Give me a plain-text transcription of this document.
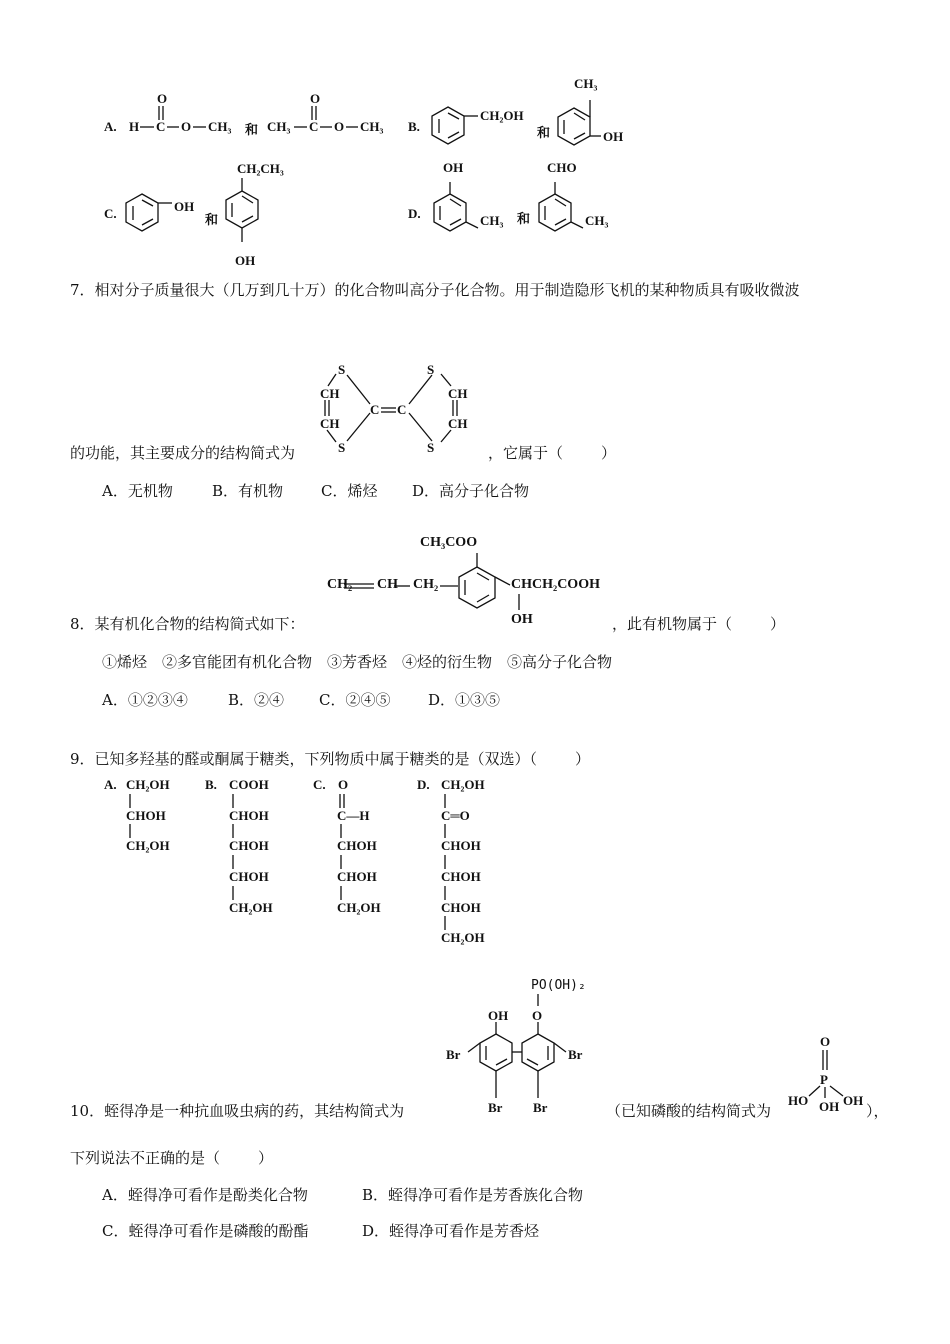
A. H C
O
O CH₃ 和 CH₃ C
O
O CH₃ B.
CH₂OH
和
CH₃
OH
C.	OH
和
CH₂CH₃
OH
D.
OH
CH₃ 和
CHO
CH₃
7．相对分子质量很大（几万到几十万）的化合物叫高分子化合物。用于制造隐形飞机的某种物质具有吸收微波
S	S
CH	CH
C C
CH	CH
S	S
的功能，其主要成分的结构简式为	，它属于（	）
A．无机物	B．有机物	C．烯烃 D．高分子化合物
CH₃COO
CH₂ CH CH₂	CHCH₂COOH
OH
8．某有机化合物的结构简式如下：	，此有机物属于（	）
①烯烃　②多官能团有机化合物　③芳香烃　④烃的衍生物　⑤高分子化合物
A．①②③④	B．②④ C．②④⑤	D．①③⑤
9．已知多羟基的醛或酮属于糖类，下列物质中属于糖类的是（双选）（	）
A. CH₂OH
CHOH
CH₂OH
B. COOH
CHOH
CHOH
CHOH
CH₂OH
C. O
C—H
CHOH
CHOH
CH₂OH
D. CH₂OH
C═O
CHOH
CHOH
CHOH
CH₂OH
PO(OH)₂
O
OH
Br	Br
Br Br
O
P
HO OH OH
10．蛭得净是一种抗血吸虫病的药，其结构简式为	（已知磷酸的结构简式为	），
下列说法不正确的是（	）
A．蛭得净可看作是酚类化合物	B．蛭得净可看作是芳香族化合物
C．蛭得净可看作是磷酸的酚酯	D．蛭得净可看作是芳香烃
